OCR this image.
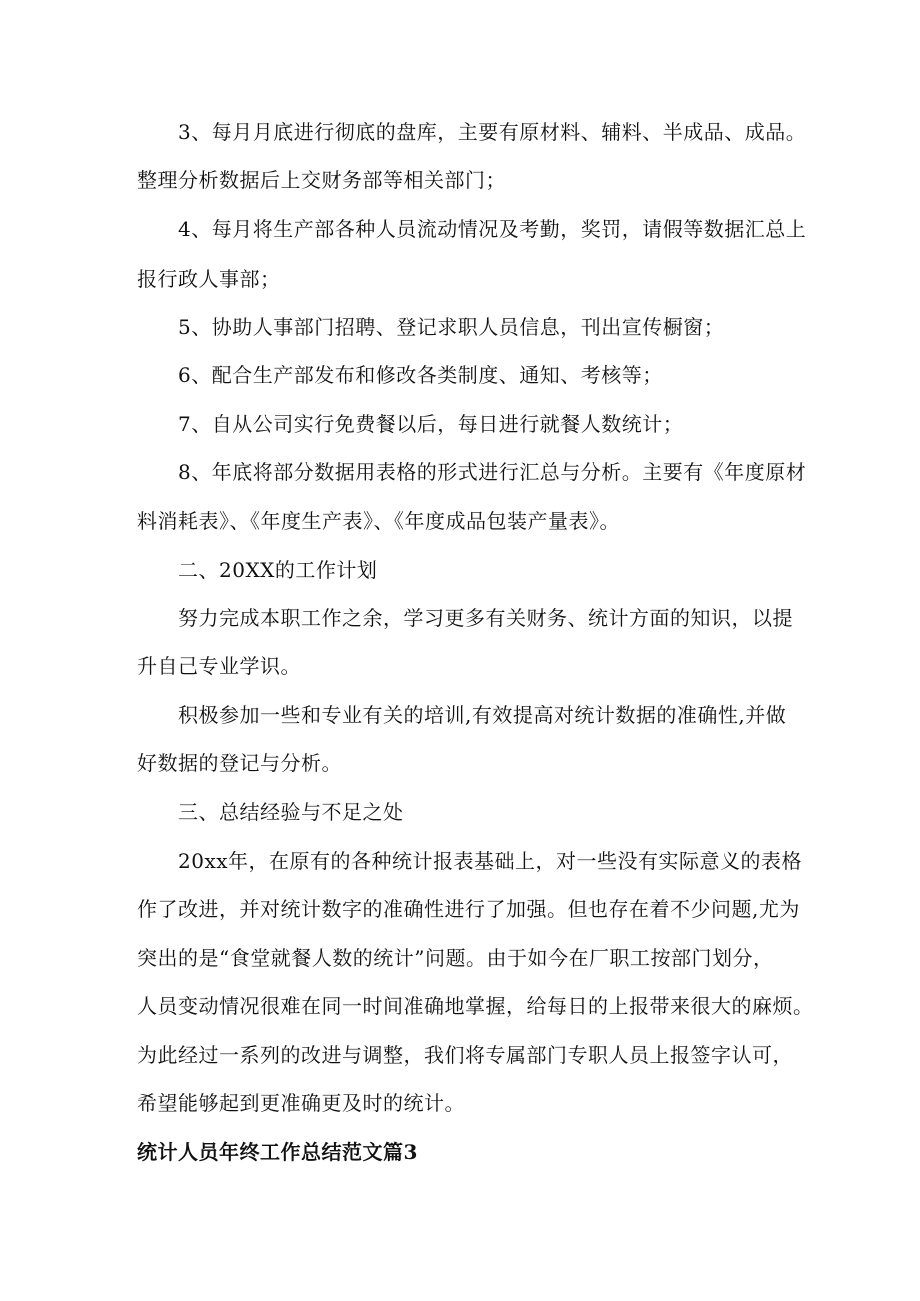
3、每月月底进行彻底的盘库，主要有原材料、辅料、半成品、成品。
整理分析数据后上交财务部等相关部门；
4、每月将生产部各种人员流动情况及考勤，奖罚，请假等数据汇总上
报行政人事部；
5、协助人事部门招聘、登记求职人员信息，刊出宣传橱窗；
6、配合生产部发布和修改各类制度、通知、考核等；
7、自从公司实行免费餐以后，每日进行就餐人数统计；
8、年底将部分数据用表格的形式进行汇总与分析。主要有《年度原材
料消耗表》、《年度生产表》、《年度成品包装产量表》。
二、20XX的工作计划
努力完成本职工作之余，学习更多有关财务、统计方面的知识，以提
升自己专业学识。
积极参加一些和专业有关的培训,有效提高对统计数据的准确性,并做
好数据的登记与分析。
三、总结经验与不足之处
20xx年，在原有的各种统计报表基础上，对一些没有实际意义的表格
作了改进，并对统计数字的准确性进行了加强。但也存在着不少问题,尤为
突出的是“食堂就餐人数的统计”问题。由于如今在厂职工按部门划分，
人员变动情况很难在同一时间准确地掌握，给每日的上报带来很大的麻烦。
为此经过一系列的改进与调整，我们将专属部门专职人员上报签字认可，
希望能够起到更准确更及时的统计。
统计人员年终工作总结范文篇3
